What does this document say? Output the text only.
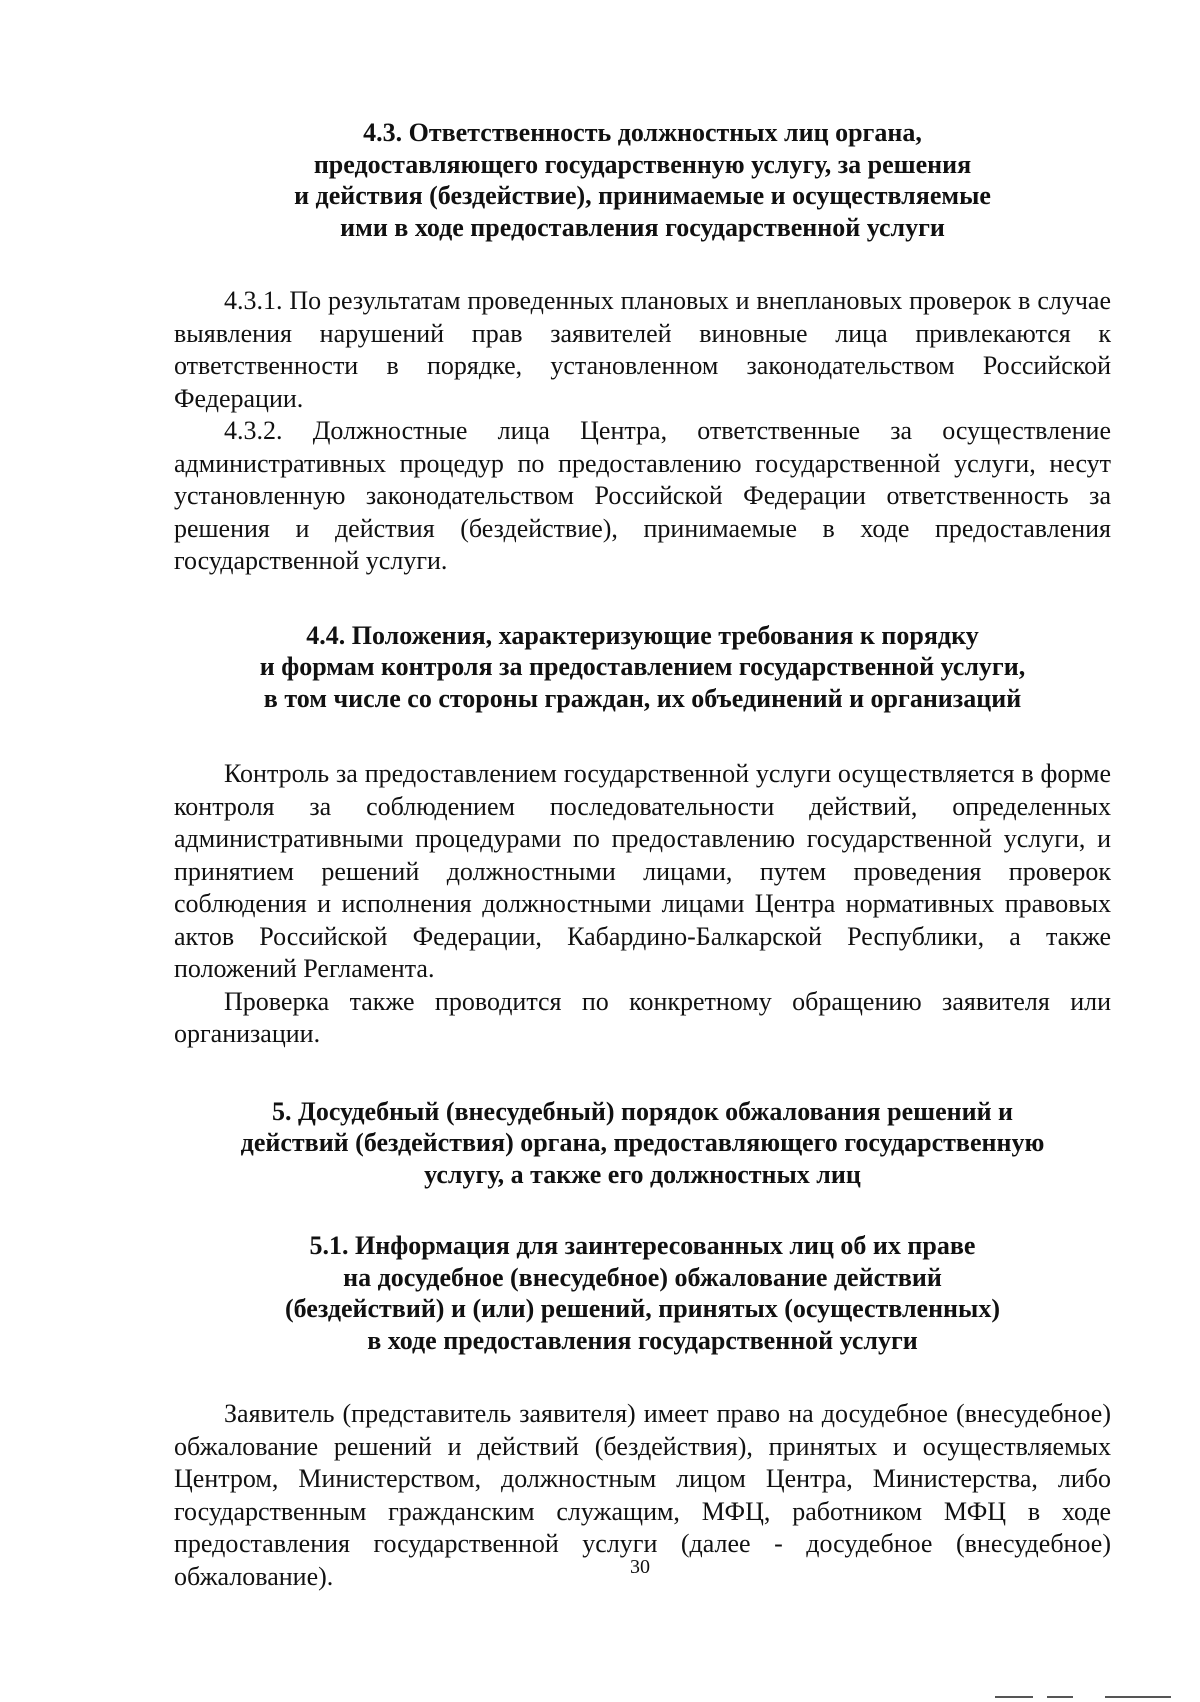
4.3. Ответственность должностных лиц органа,
предоставляющего государственную услугу, за решения
и действия (бездействие), принимаемые и осуществляемые
ими в ходе предоставления государственной услуги

4.3.1. По результатам проведенных плановых и внеплановых проверок в случае выявления нарушений прав заявителей виновные лица привлекаются к ответственности в порядке, установленном законодательством Российской Федерации.

4.3.2. Должностные лица Центра, ответственные за осуществление административных процедур по предоставлению государственной услуги, несут установленную законодательством Российской Федерации ответственность за решения и действия (бездействие), принимаемые в ходе предоставления государственной услуги.

4.4. Положения, характеризующие требования к порядку
и формам контроля за предоставлением государственной услуги,
в том числе со стороны граждан, их объединений и организаций

Контроль за предоставлением государственной услуги осуществляется в форме контроля за соблюдением последовательности действий, определенных административными процедурами по предоставлению государственной услуги, и принятием решений должностными лицами, путем проведения проверок соблюдения и исполнения должностными лицами Центра нормативных правовых актов Российской Федерации, Кабардино-Балкарской Республики, а также положений Регламента.

Проверка также проводится по конкретному обращению заявителя или организации.

5. Досудебный (внесудебный) порядок обжалования решений и
действий (бездействия) органа, предоставляющего государственную
услугу, а также его должностных лиц
5.1. Информация для заинтересованных лиц об их праве
на досудебное (внесудебное) обжалование действий
(бездействий) и (или) решений, принятых (осуществленных)
в ходе предоставления государственной услуги

Заявитель (представитель заявителя) имеет право на досудебное (внесудебное) обжалование решений и действий (бездействия), принятых и осуществляемых Центром, Министерством, должностным лицом Центра, Министерства, либо государственным гражданским служащим, МФЦ, работником МФЦ в ходе предоставления государственной услуги (далее - досудебное (внесудебное) обжалование).	30
